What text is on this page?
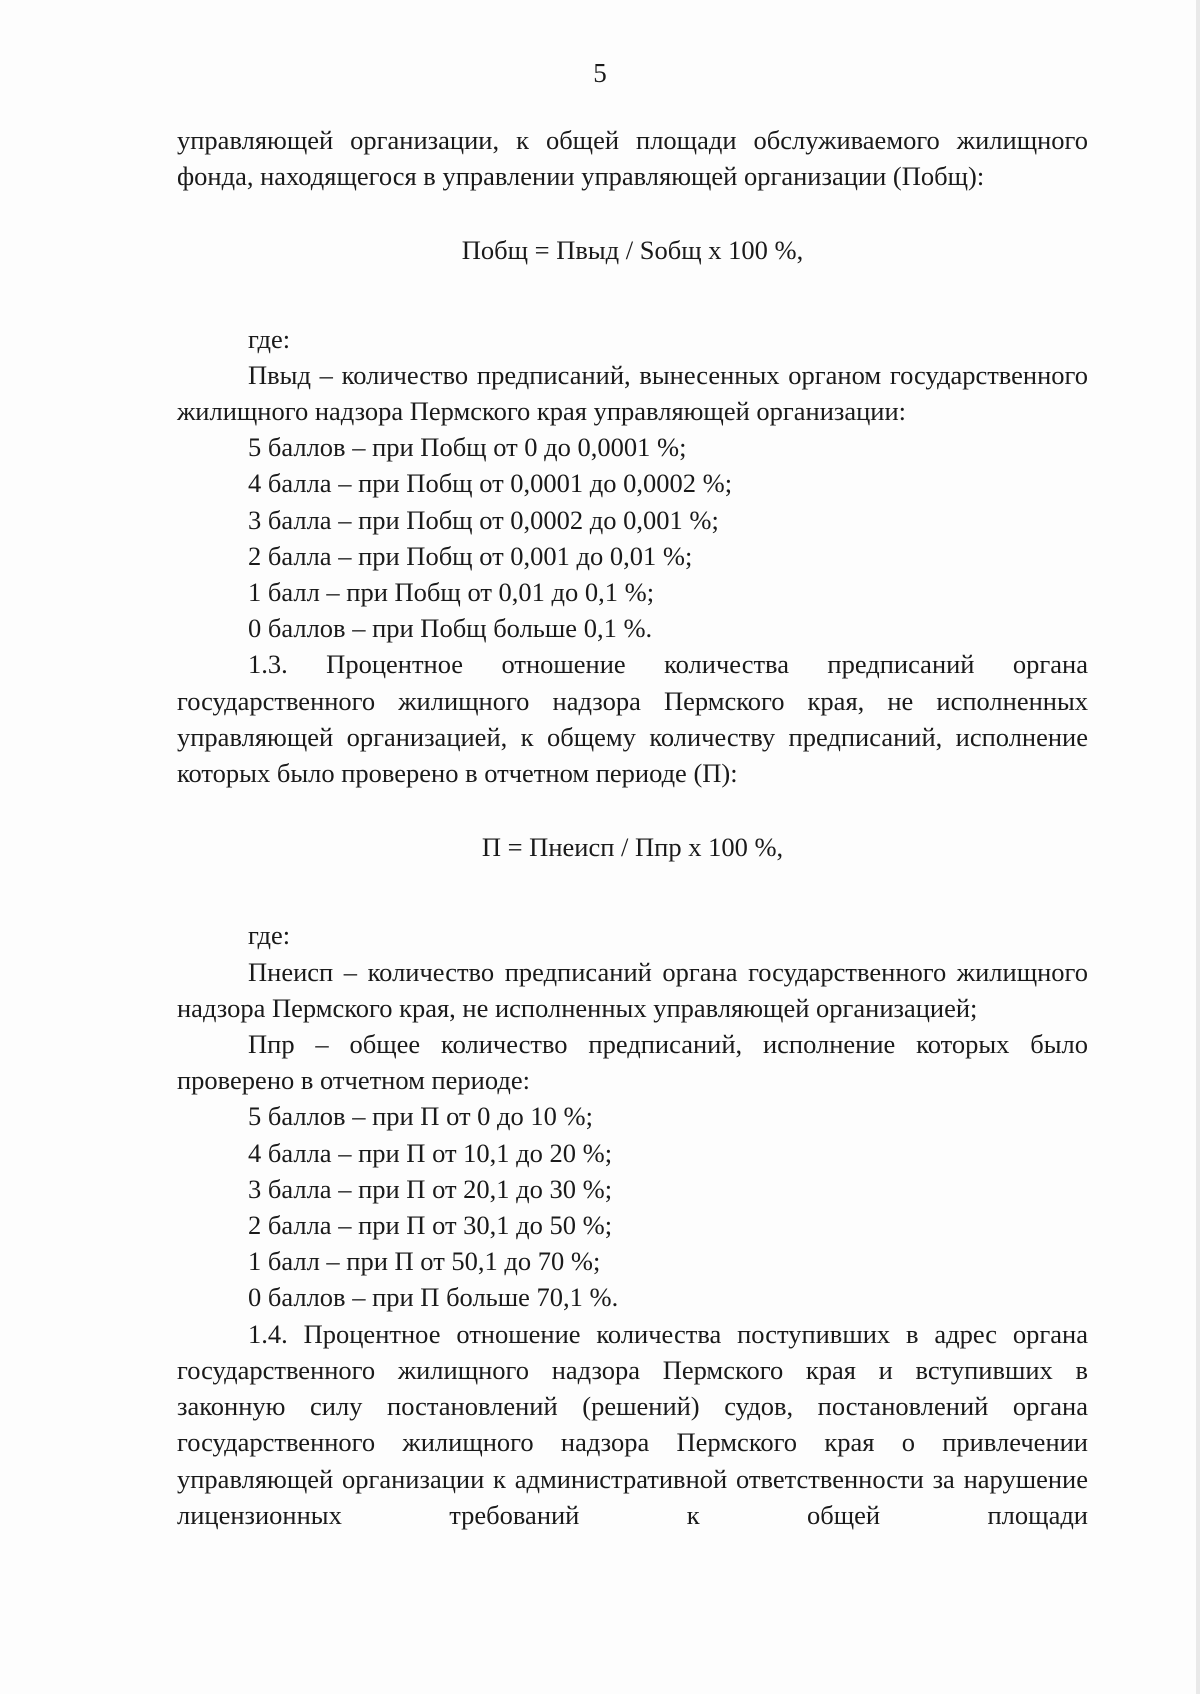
5

управляющей организации, к общей площади обслуживаемого жилищного фонда, находящегося в управлении управляющей организации (Побщ):

Побщ = Пвыд / Sобщ x 100 %,

где:

Пвыд – количество предписаний, вынесенных органом государственного жилищного надзора Пермского края управляющей организации:

5 баллов – при Побщ от 0 до 0,0001 %;

4 балла – при Побщ от 0,0001 до 0,0002 %;

3 балла – при Побщ от 0,0002 до 0,001 %;

2 балла – при Побщ от 0,001 до 0,01 %;

1 балл – при Побщ от 0,01 до 0,1 %;

0 баллов – при Побщ больше 0,1 %.

1.3. Процентное отношение количества предписаний органа государственного жилищного надзора Пермского края, не исполненных управляющей организацией, к общему количеству предписаний, исполнение которых было проверено в отчетном периоде (П):

П = Пнеисп / Ппр x 100 %,

где:

Пнеисп – количество предписаний органа государственного жилищного надзора Пермского края, не исполненных управляющей организацией;

Ппр – общее количество предписаний, исполнение которых было проверено в отчетном периоде:

5 баллов – при П от 0 до 10 %;

4 балла – при П от 10,1 до 20 %;

3 балла – при П от 20,1 до 30 %;

2 балла – при П от 30,1 до 50 %;

1 балл – при П от 50,1 до 70 %;

0 баллов – при П больше 70,1 %.

1.4. Процентное отношение количества поступивших в адрес органа государственного жилищного надзора Пермского края и вступивших в законную силу постановлений (решений) судов, постановлений органа государственного жилищного надзора Пермского края о привлечении управляющей организации к административной ответственности за нарушение лицензионных требований к общей площади
